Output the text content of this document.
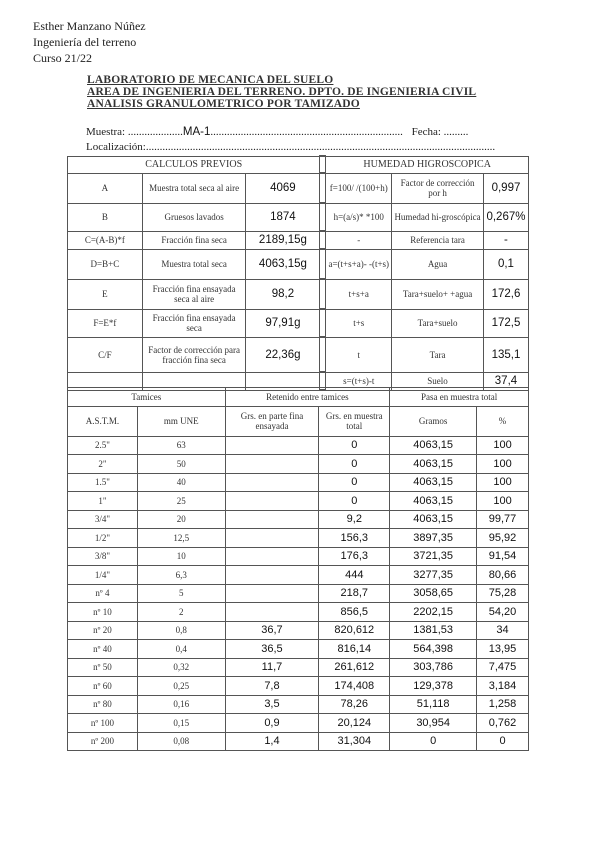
Esther Manzano Núñez
Ingeniería del terreno
Curso 21/22
LABORATORIO DE MECANICA DEL SUELO
AREA DE INGENIERIA DEL TERRENO. DPTO. DE INGENIERIA CIVIL
ANALISIS GRANULOMETRICO POR TAMIZADO
Muestra: ....................MA-1...................................................................... Fecha: .........
Localización:...............................................................................................................................
CALCULOS PREVIOS				HUMEDAD HIGROSCOPICA		
A	Muestra total seca al aire	4069		f=100/ /(100+h)	Factor de corrección por h	0,997
B	Gruesos lavados	1874		h=(a/s)* *100	Humedad hi-groscópica	0,267%
C=(A-B)*f	Fracción fina seca	2189,15g		-	Referencia tara	-
D=B+C	Muestra total seca	4063,15g		a=(t+s+a)- -(t+s)	Agua	0,1
E	Fracción fina ensayada seca al aire	98,2		t+s+a	Tara+suelo+ +agua	172,6
F=E*f	Fracción fina ensayada seca	97,91g		t+s	Tara+suelo	172,5
C/F	Factor de corrección para fracción fina seca	22,36g		t	Tara	135,1
				s=(t+s)-t	Suelo	37,4
Tamices		Retenido entre tamices		Pasa en muestra total	
A.S.T.M.	mm UNE	Grs. en parte fina ensayada	Grs. en muestra total	Gramos	%
2.5"	63		0	4063,15	100
2"	50		0	4063,15	100
1.5"	40		0	4063,15	100
1"	25		0	4063,15	100
3/4"	20		9,2	4063,15	99,77
1/2"	12,5		156,3	3897,35	95,92
3/8"	10		176,3	3721,35	91,54
1/4"	6,3		444	3277,35	80,66
nº 4	5		218,7	3058,65	75,28
nº 10	2		856,5	2202,15	54,20
nº 20	0,8	36,7	820,612	1381,53	34
nº 40	0,4	36,5	816,14	564,398	13,95
nº 50	0,32	11,7	261,612	303,786	7,475
nº 60	0,25	7,8	174,408	129,378	3,184
nº 80	0,16	3,5	78,26	51,118	1,258
nº 100	0,15	0,9	20,124	30,954	0,762
nº 200	0,08	1,4	31,304	0	0
